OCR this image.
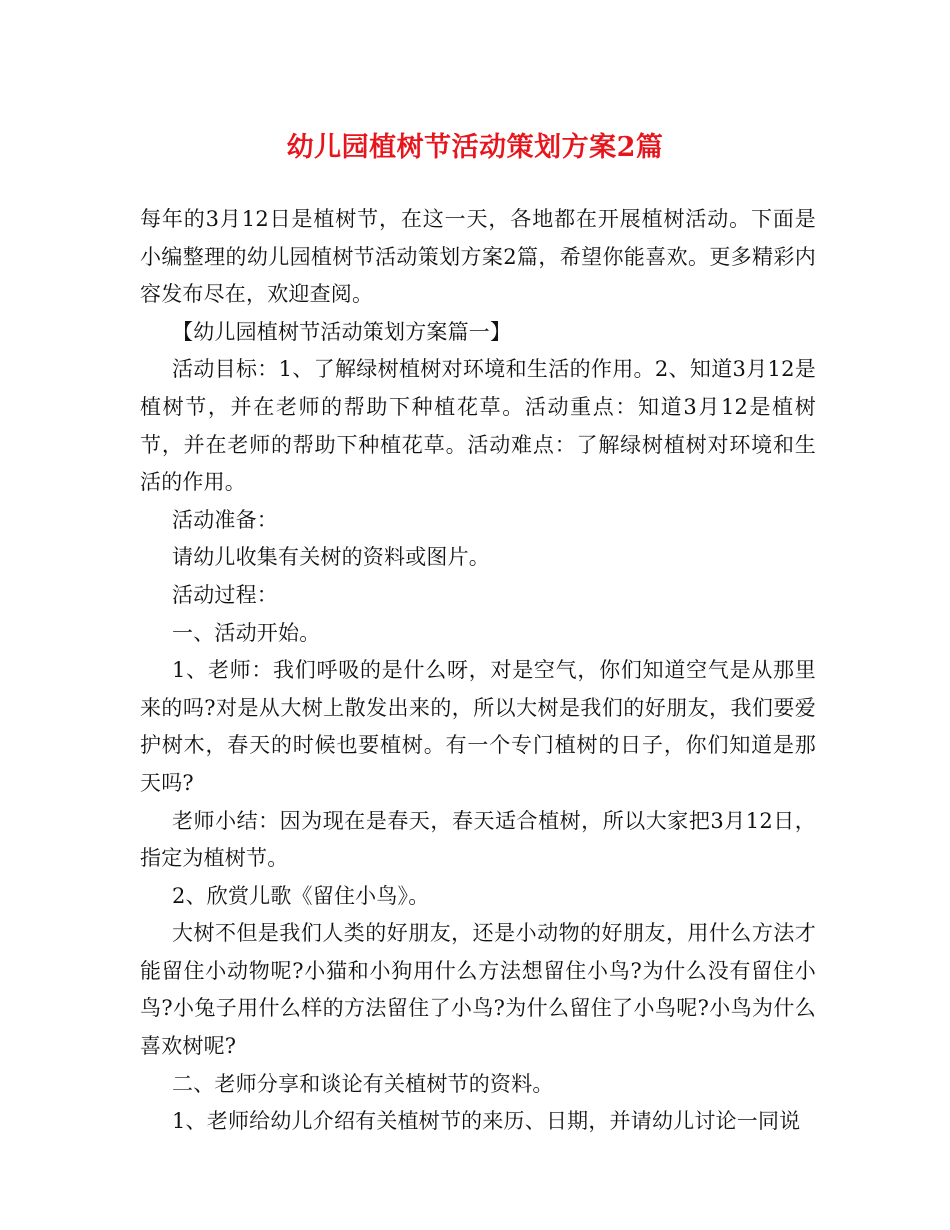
幼儿园植树节活动策划方案2篇

每年的3月12日是植树节，在这一天，各地都在开展植树活动。下面是小编整理的幼儿园植树节活动策划方案2篇，希望你能喜欢。更多精彩内容发布尽在，欢迎查阅。

【幼儿园植树节活动策划方案篇一】

活动目标：1、了解绿树植树对环境和生活的作用。2、知道3月12是植树节，并在老师的帮助下种植花草。活动重点：知道3月12是植树节，并在老师的帮助下种植花草。活动难点：了解绿树植树对环境和生活的作用。

活动准备：

请幼儿收集有关树的资料或图片。

活动过程：

一、活动开始。

1、老师：我们呼吸的是什么呀，对是空气，你们知道空气是从那里来的吗?对是从大树上散发出来的，所以大树是我们的好朋友，我们要爱护树木，春天的时候也要植树。有一个专门植树的日子，你们知道是那天吗?

老师小结：因为现在是春天，春天适合植树，所以大家把3月12日，指定为植树节。

2、欣赏儿歌《留住小鸟》。

大树不但是我们人类的好朋友，还是小动物的好朋友，用什么方法才能留住小动物呢?小猫和小狗用什么方法想留住小鸟?为什么没有留住小鸟?小兔子用什么样的方法留住了小鸟?为什么留住了小鸟呢?小鸟为什么喜欢树呢?

二、老师分享和谈论有关植树节的资料。

1、老师给幼儿介绍有关植树节的来历、日期，并请幼儿讨论一同说
